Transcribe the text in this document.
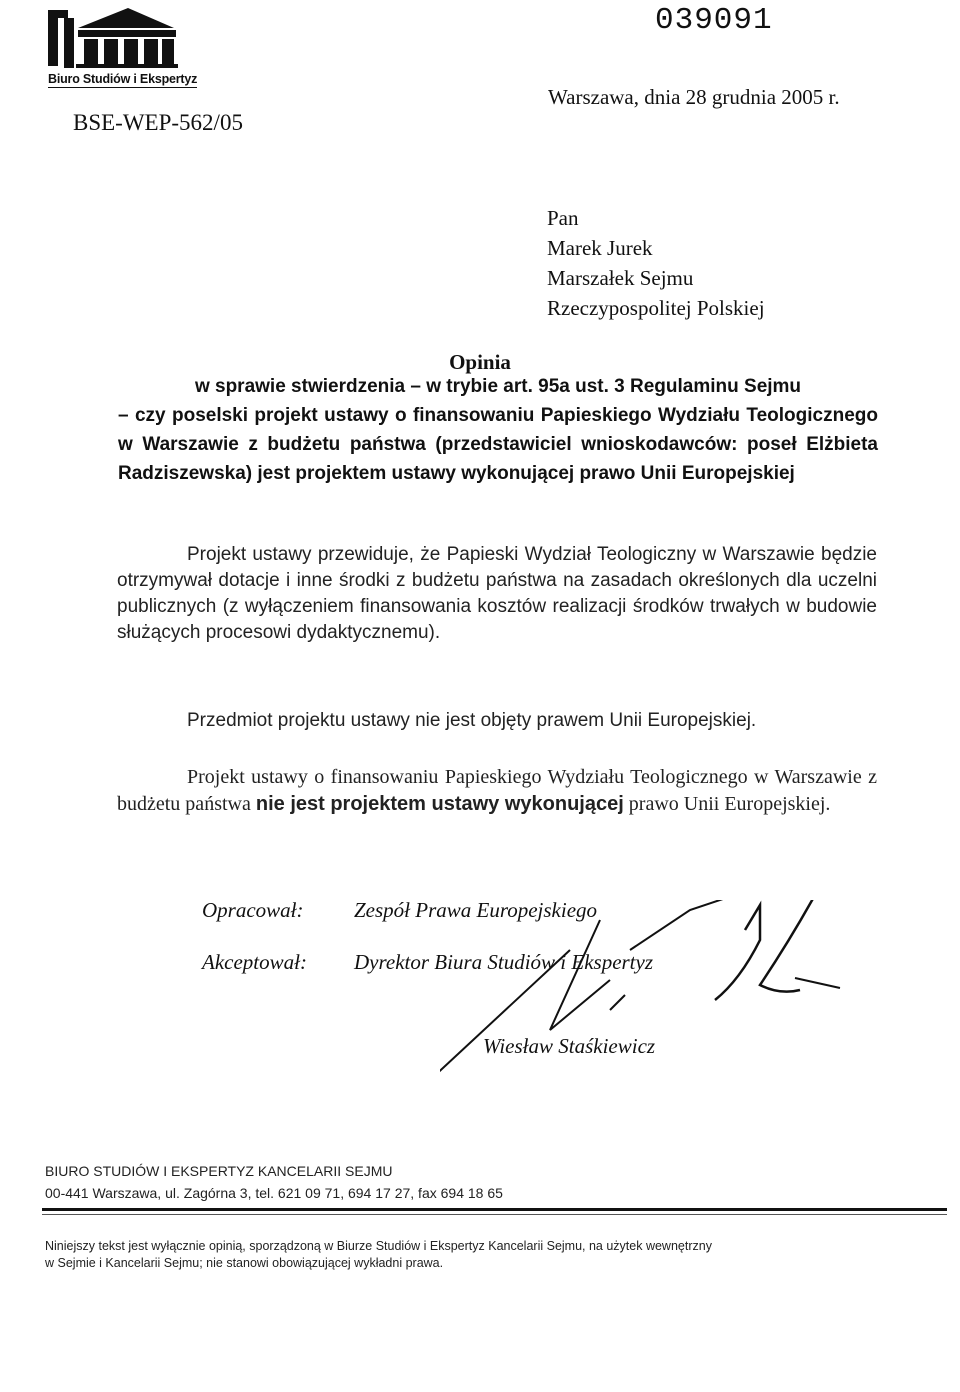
Biuro Studiów i Ekspertyz
039091
BSE-WEP-562/05
Warszawa, dnia 28 grudnia 2005 r.
Pan
Marek Jurek
Marszałek Sejmu
Rzeczypospolitej Polskiej
Opinia
w sprawie stwierdzenia – w trybie art. 95a ust. 3 Regulaminu Sejmu
– czy poselski projekt ustawy o finansowaniu Papieskiego Wydziału Teologicznego w Warszawie z budżetu państwa (przedstawiciel wnioskodawców: poseł Elżbieta Radziszewska) jest projektem ustawy wykonującej prawo Unii Europejskiej
Projekt ustawy przewiduje, że Papieski Wydział Teologiczny w Warszawie będzie otrzymywał dotacje i inne środki z budżetu państwa na zasadach określonych dla uczelni publicznych (z wyłączeniem finansowania kosztów realizacji środków trwałych w budowie służących procesowi dydaktycznemu).
Przedmiot projektu ustawy nie jest objęty prawem Unii Europejskiej.
Projekt ustawy o finansowaniu Papieskiego Wydziału Teologicznego w Warszawie z budżetu państwa nie jest projektem ustawy wykonującej prawo Unii Europejskiej.
Opracował: Zespół Prawa Europejskiego
Akceptował: Dyrektor Biura Studiów i Ekspertyz
Wiesław Staśkiewicz
BIURO STUDIÓW I EKSPERTYZ KANCELARII SEJMU
00-441 Warszawa, ul. Zagórna 3, tel. 621 09 71, 694 17 27, fax 694 18 65
Niniejszy tekst jest wyłącznie opinią, sporządzoną w Biurze Studiów i Ekspertyz Kancelarii Sejmu, na użytek wewnętrzny
w Sejmie i Kancelarii Sejmu; nie stanowi obowiązującej wykładni prawa.
